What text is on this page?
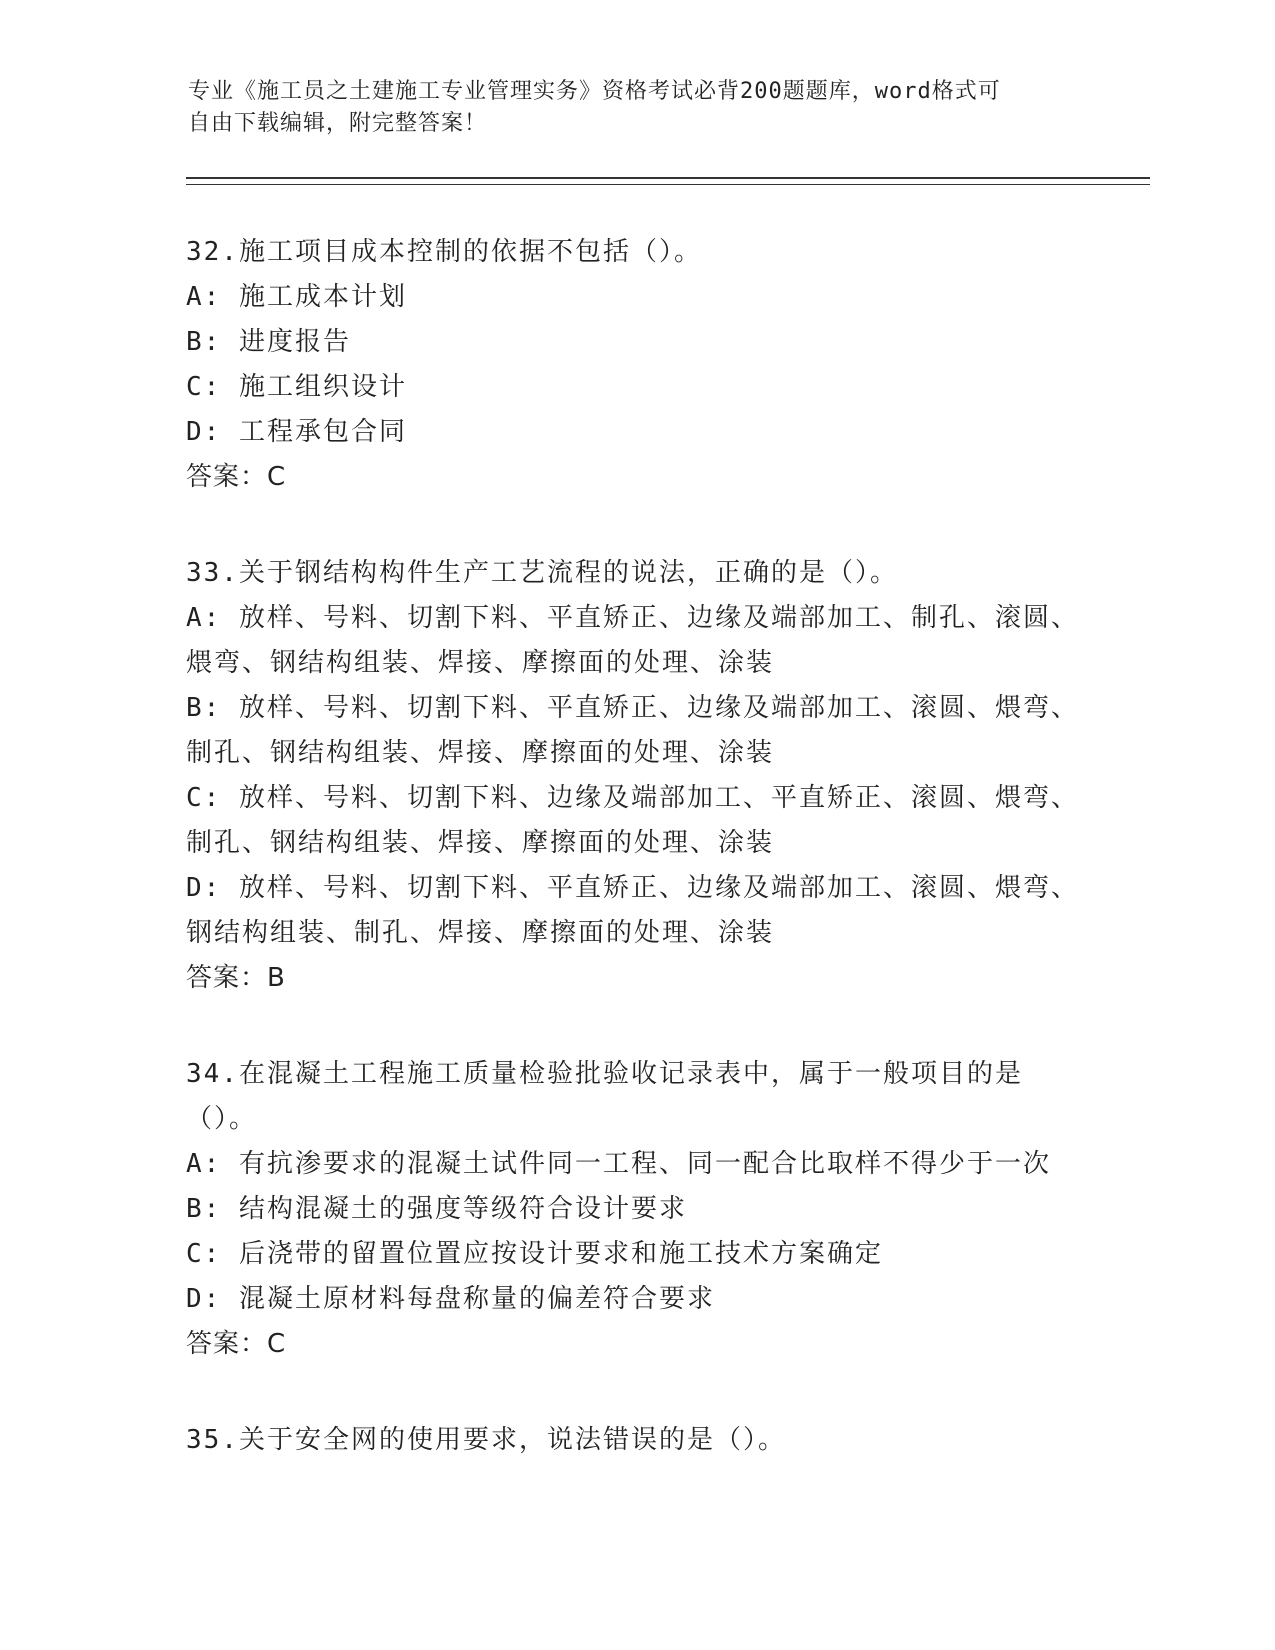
专业《施工员之土建施工专业管理实务》资格考试必背200题题库，word格式可
自由下载编辑，附完整答案！

32.施工项目成本控制的依据不包括（）。

A: 施工成本计划

B: 进度报告

C: 施工组织设计

D: 工程承包合同

答案：C

33.关于钢结构构件生产工艺流程的说法，正确的是（）。

A: 放样、号料、切割下料、平直矫正、边缘及端部加工、制孔、滚圆、煨弯、钢结构组装、焊接、摩擦面的处理、涂装

B: 放样、号料、切割下料、平直矫正、边缘及端部加工、滚圆、煨弯、制孔、钢结构组装、焊接、摩擦面的处理、涂装

C: 放样、号料、切割下料、边缘及端部加工、平直矫正、滚圆、煨弯、制孔、钢结构组装、焊接、摩擦面的处理、涂装

D: 放样、号料、切割下料、平直矫正、边缘及端部加工、滚圆、煨弯、钢结构组装、制孔、焊接、摩擦面的处理、涂装

答案：B

34.在混凝土工程施工质量检验批验收记录表中，属于一般项目的是（）。

A: 有抗渗要求的混凝土试件同一工程、同一配合比取样不得少于一次

B: 结构混凝土的强度等级符合设计要求

C: 后浇带的留置位置应按设计要求和施工技术方案确定

D: 混凝土原材料每盘称量的偏差符合要求

答案：C

35.关于安全网的使用要求，说法错误的是（）。
